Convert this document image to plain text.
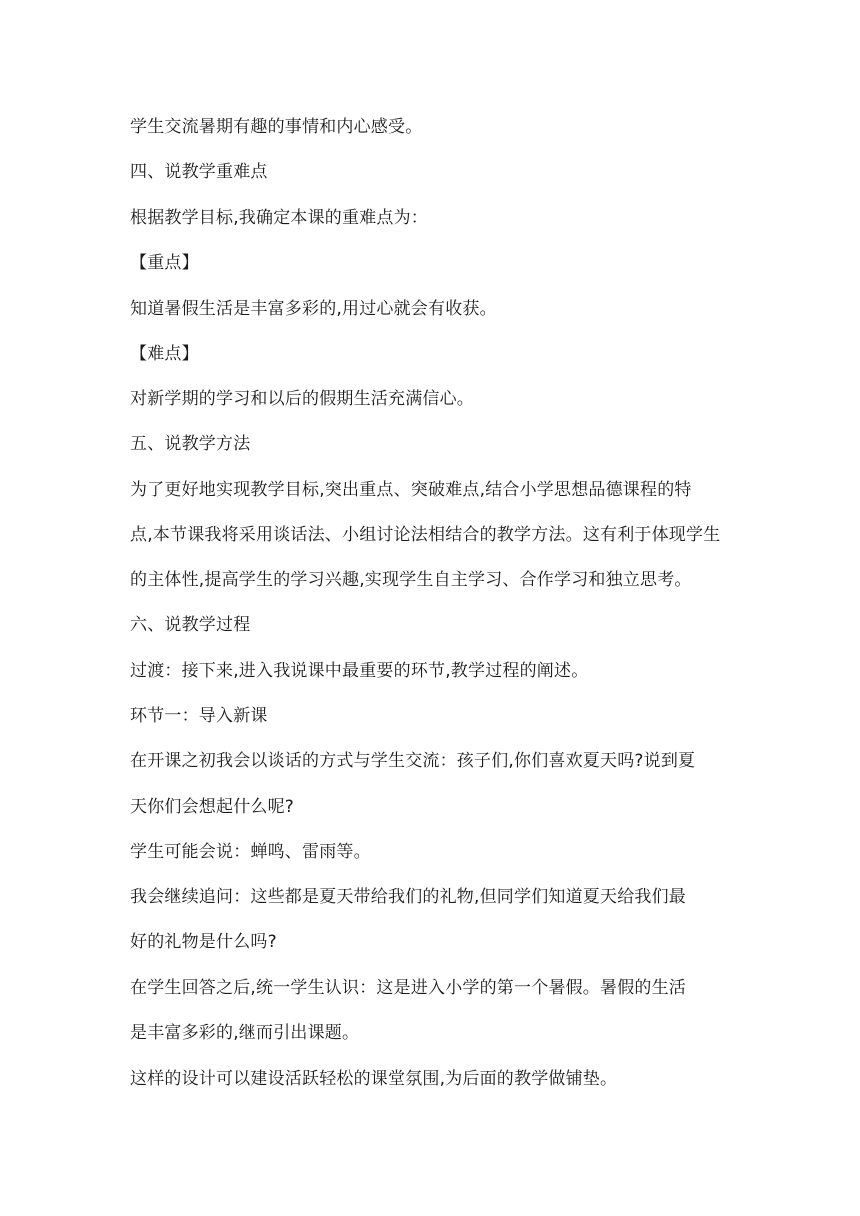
学生交流暑期有趣的事情和内心感受。

四、说教学重难点

根据教学目标,我确定本课的重难点为：

【重点】

知道暑假生活是丰富多彩的,用过心就会有收获。

【难点】

对新学期的学习和以后的假期生活充满信心。

五、说教学方法

为了更好地实现教学目标,突出重点、突破难点,结合小学思想品德课程的特

点,本节课我将采用谈话法、小组讨论法相结合的教学方法。这有利于体现学生

的主体性,提高学生的学习兴趣,实现学生自主学习、合作学习和独立思考。

六、说教学过程

过渡：接下来,进入我说课中最重要的环节,教学过程的阐述。

环节一：导入新课

在开课之初我会以谈话的方式与学生交流：孩子们,你们喜欢夏天吗?说到夏

天你们会想起什么呢?

学生可能会说：蝉鸣、雷雨等。

我会继续追问：这些都是夏天带给我们的礼物,但同学们知道夏天给我们最

好的礼物是什么吗?

在学生回答之后,统一学生认识：这是进入小学的第一个暑假。暑假的生活

是丰富多彩的,继而引出课题。

这样的设计可以建设活跃轻松的课堂氛围,为后面的教学做铺垫。
